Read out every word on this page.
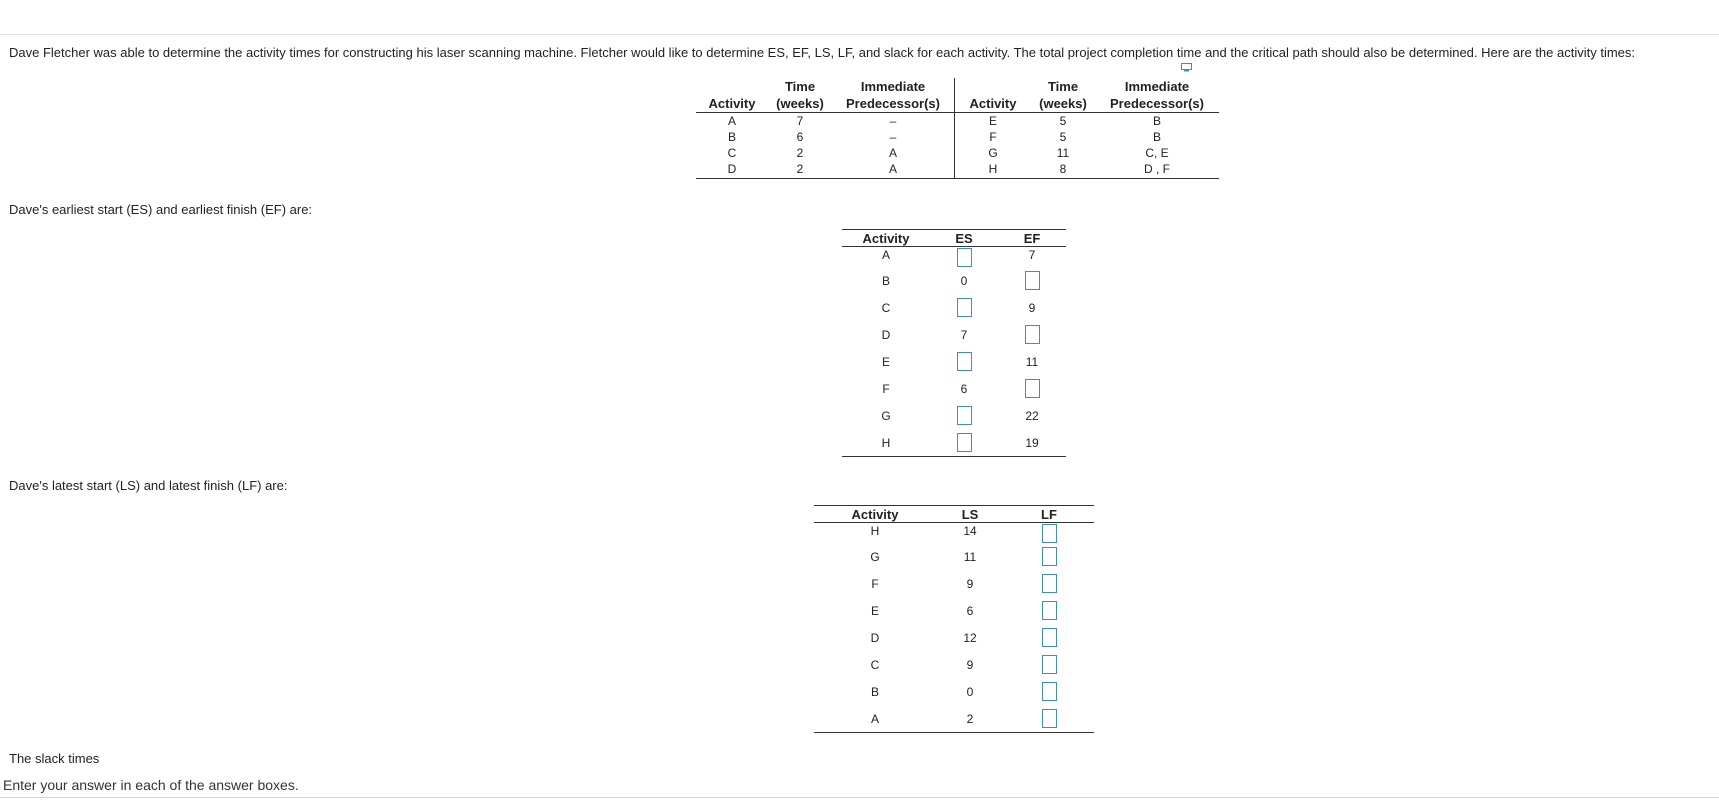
Dave Fletcher was able to determine the activity times for constructing his laser scanning machine. Fletcher would like to determine ES, EF, LS, LF, and slack for each activity. The total project completion time and the critical path should also be determined. Here are the activity times:
	Time	Immediate		Time	Immediate
Activity	(weeks)	Predecessor(s)	Activity	(weeks)	Predecessor(s)
A	7	–	E	5	B
B	6	–	F	5	B
C	2	A	G	11	C, E
D	2	A	H	8	D , F
Dave's earliest start (ES) and earliest finish (EF) are:
Activity	ES	EF
A		7
B	0	
C		9
D	7	
E		11
F	6	
G		22
H		19
Dave's latest start (LS) and latest finish (LF) are:
Activity	LS	LF
H	14	
G	11	
F	9	
E	6	
D	12	
C	9	
B	0	
A	2	
The slack times
Enter your answer in each of the answer boxes.
